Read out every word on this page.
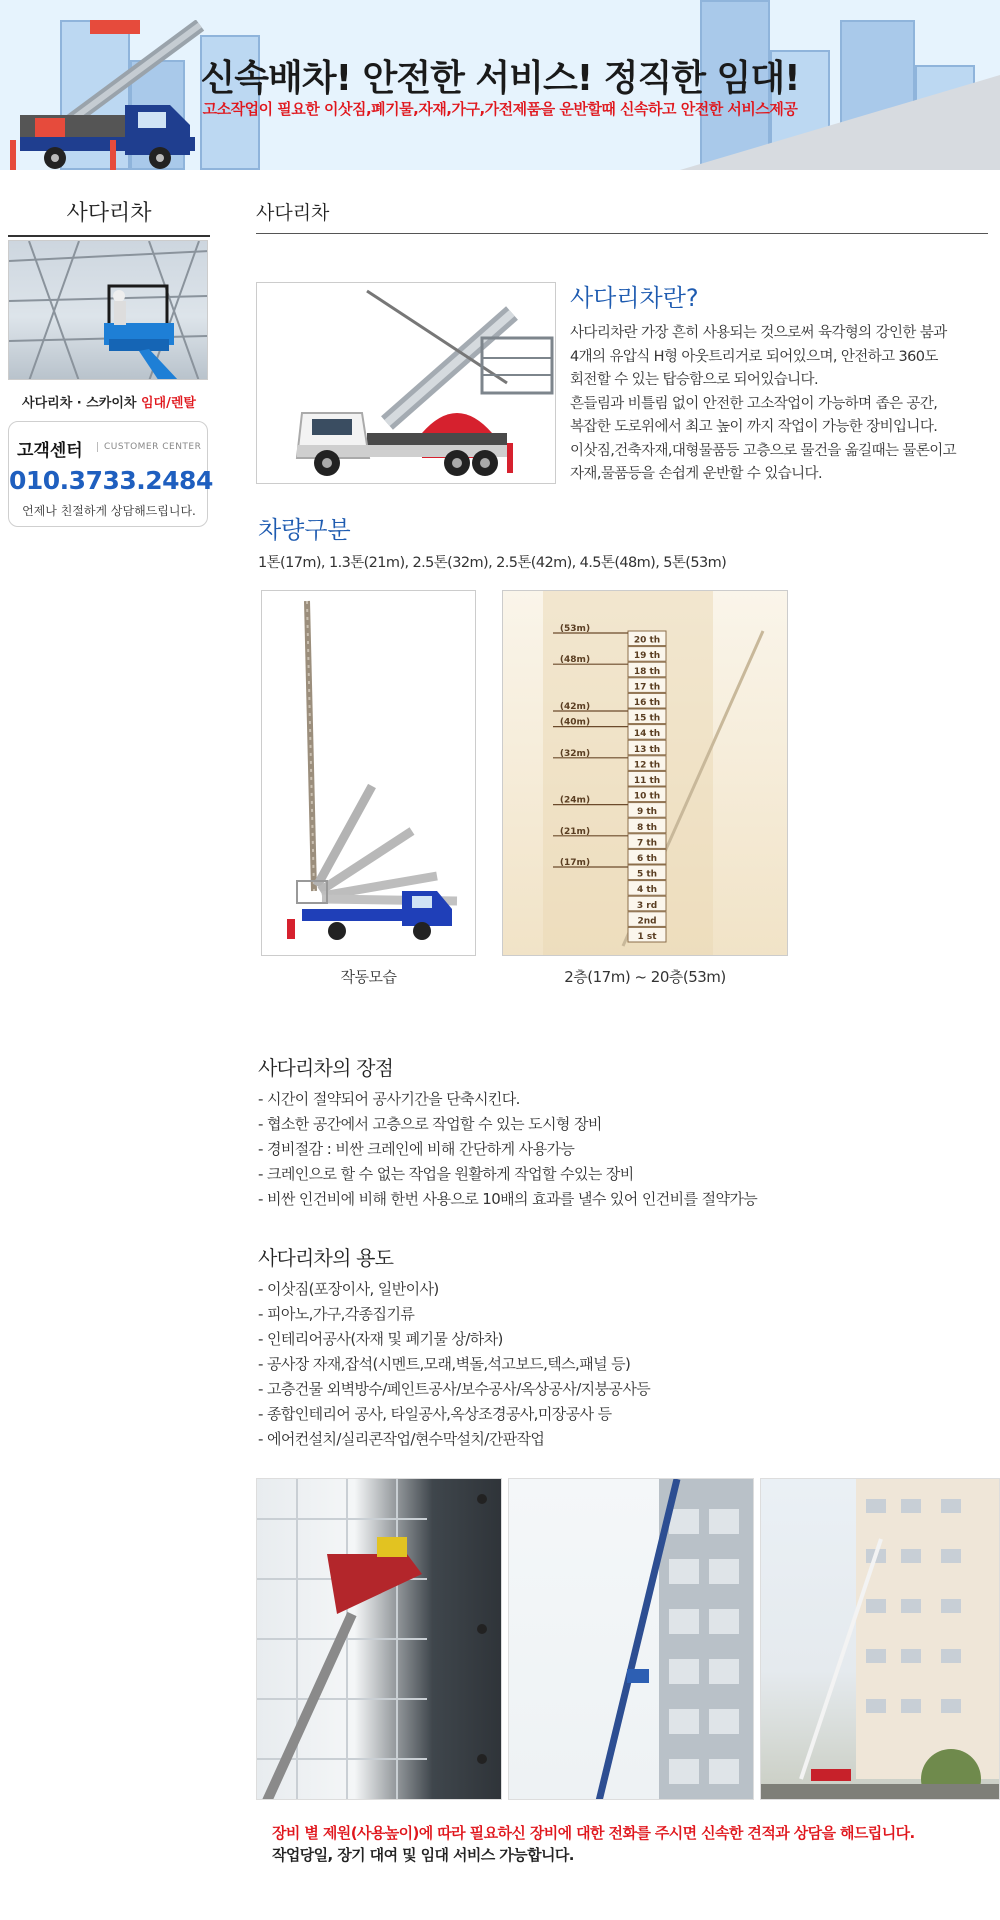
신속배차! 안전한 서비스! 정직한 임대!
고소작업이 필요한 이삿짐,폐기물,자재,가구,가전제품을 운반할때 신속하고 안전한 서비스제공
사다리차
사다리차 · 스카이차 임대/렌탈
고객센터	CUSTOMER CENTER
010.3733.2484
언제나 친절하게 상담해드립니다.
사다리차
사다리차란?
사다리차란 가장 흔히 사용되는 것으로써 육각형의 강인한 붐과
4개의 유압식 H형 아웃트리거로 되어있으며, 안전하고 360도
회전할 수 있는 탑승함으로 되어있습니다.
흔들림과 비틀림 없이 안전한 고소작업이 가능하며 좁은 공간,
복잡한 도로위에서 최고 높이 까지 작업이 가능한 장비입니다.
이삿짐,건축자재,대형물품등 고층으로 물건을 옮길때는 물론이고
자재,물품등을 손쉽게 운반할 수 있습니다.
차량구분
1톤(17m), 1.3톤(21m), 2.5톤(32m), 2.5톤(42m), 4.5톤(48m), 5톤(53m)
20 th
19 th
18 th
17 th
16 th
15 th
14 th
13 th
12 th
11 th
10 th
9 th
8 th
7 th
6 th
5 th
4 th
3 rd
2nd
1 st
(53m)
(48m)
(42m)
(40m)
(32m)
(24m)
(21m)
(17m)
작동모습	2층(17m) ~ 20층(53m)
사다리차의 장점
- 시간이 절약되어 공사기간을 단축시킨다.
- 협소한 공간에서 고층으로 작업할 수 있는 도시형 장비
- 경비절감 : 비싼 크레인에 비해 간단하게 사용가능
- 크레인으로 할 수 없는 작업을 원활하게 작업할 수있는 장비
- 비싼 인건비에 비해 한번 사용으로 10배의 효과를 낼수 있어 인건비를 절약가능
사다리차의 용도
- 이삿짐(포장이사, 일반이사)
- 피아노,가구,각종집기류
- 인테리어공사(자재 및 폐기물 상/하차)
- 공사장 자재,잡석(시멘트,모래,벽돌,석고보드,텍스,패널 등)
- 고층건물 외벽방수/페인트공사/보수공사/옥상공사/지붕공사등
- 종합인테리어 공사, 타일공사,옥상조경공사,미장공사 등
- 에어컨설치/실리콘작업/현수막설치/간판작업
장비 별 제원(사용높이)에 따라 필요하신 장비에 대한 전화를 주시면 신속한 견적과 상담을 해드립니다.
작업당일, 장기 대여 및 임대 서비스 가능합니다.
